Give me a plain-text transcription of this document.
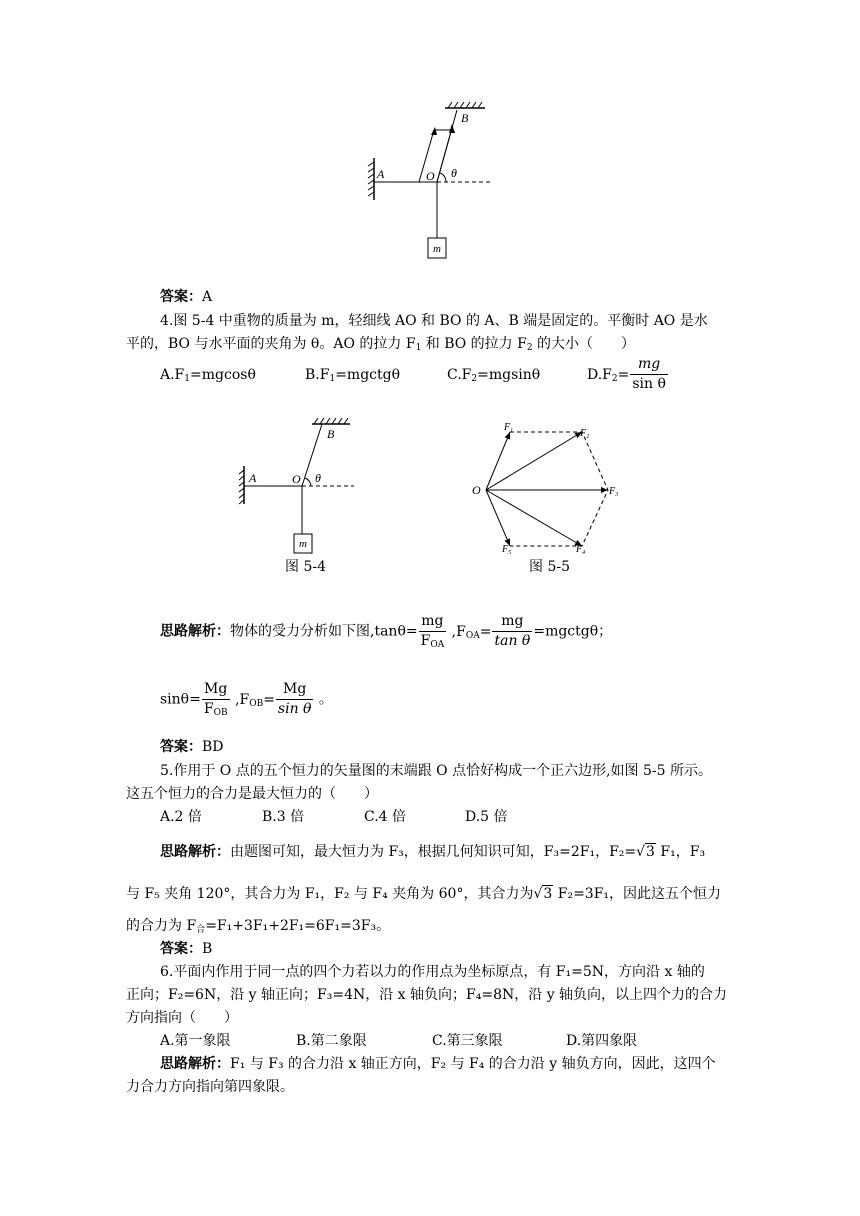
m
A
B
O θ
答案：A
4.图 5-4 中重物的质量为 m，轻细线 AO 和 BO 的 A、B 端是固定的。平衡时 AO 是水
平的，BO 与水平面的夹角为 θ。AO 的拉力 $F_1$ 和 BO 的拉力 $F_2$ 的大小（　　）
$A.F_1=mgcos\theta$	$B.F_1=mgctg\theta$	$C.F_2=mgsin\theta$	$D.F_2= \frac{mg}{\text{sin θ}}$
m
A
B
O θ
图 5-4
O
$F_1$	$F_2$
$F_3$
$F_4$
$F_5$
图 5-5
思路解析：物体的受力分析如下图$,\tan\theta= \frac{mg}{F_{OA}} ,F_{OA}= \frac{mg}{\text{tan θ}}$ =mgctgθ；
$\sin\theta= \frac{Mg}{F_{OB}} ,F_{OB}= \frac{Mg}{\text{sin θ}}$ 。
答案：BD
5.作用于 O 点的五个恒力的矢量图的末端跟 O 点恰好构成一个正六边形,如图 5-5 所示。
这五个恒力的合力是最大恒力的（　　）
A.2 倍	B.3 倍	C.4 倍	D.5 倍
思路解析：由题图可知，最大恒力为 F₃，根据几何知识可知，F₃=2F₁，F₂=√3 F₁，F₃
与 F₅ 夹角 120°，其合力为 F₁，F₂ 与 F₄ 夹角为 60°，其合力为√3 F₂=3F₁，因此这五个恒力
的合力为 $F_合=F_1+3F_1+2F_1=6F_1=3F_3$。
答案：B
6.平面内作用于同一点的四个力若以力的作用点为坐标原点，有 F₁=5N，方向沿 x 轴的
正向；F₂=6N，沿 y 轴正向；F₃=4N，沿 x 轴负向；F₄=8N，沿 y 轴负向，以上四个力的合力
方向指向（　　）
A.第一象限	B.第二象限	C.第三象限	D.第四象限
思路解析：F₁ 与 F₃ 的合力沿 x 轴正方向，F₂ 与 F₄ 的合力沿 y 轴负方向，因此，这四个
力合力方向指向第四象限。
